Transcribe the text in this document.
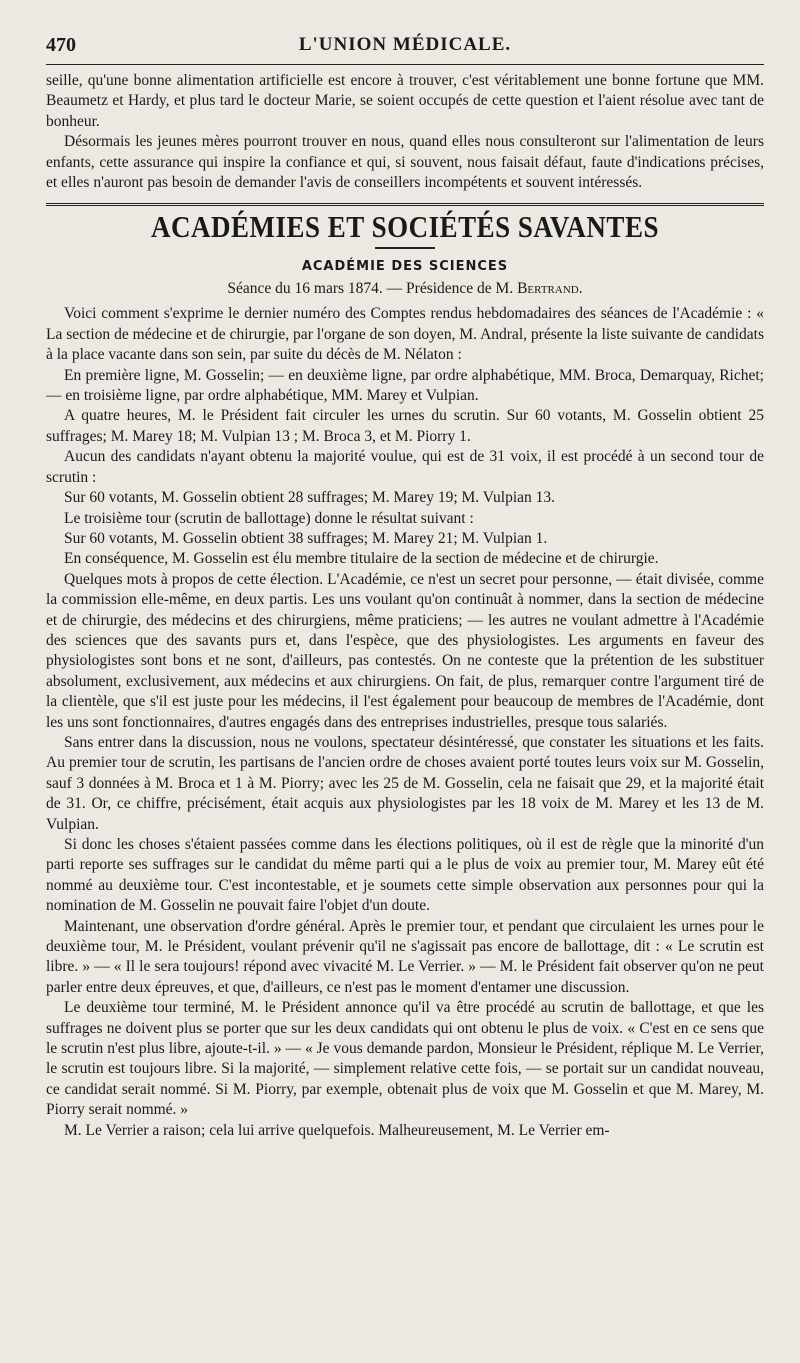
470	L'UNION MÉDICALE.

seille, qu'une bonne alimentation artificielle est encore à trouver, c'est véritablement une bonne fortune que MM. Beaumetz et Hardy, et plus tard le docteur Marie, se soient occupés de cette question et l'aient résolue avec tant de bonheur.

Désormais les jeunes mères pourront trouver en nous, quand elles nous consulteront sur l'alimentation de leurs enfants, cette assurance qui inspire la confiance et qui, si souvent, nous faisait défaut, faute d'indications précises, et elles n'auront pas besoin de demander l'avis de conseillers incompétents et souvent intéressés.

ACADÉMIES ET SOCIÉTÉS SAVANTES
ACADÉMIE DES SCIENCES
Séance du 16 mars 1874. — Présidence de M. Bertrand.

Voici comment s'exprime le dernier numéro des Comptes rendus hebdomadaires des séances de l'Académie : « La section de médecine et de chirurgie, par l'organe de son doyen, M. Andral, présente la liste suivante de candidats à la place vacante dans son sein, par suite du décès de M. Nélaton :

En première ligne, M. Gosselin; — en deuxième ligne, par ordre alphabétique, MM. Broca, Demarquay, Richet; — en troisième ligne, par ordre alphabétique, MM. Marey et Vulpian.

A quatre heures, M. le Président fait circuler les urnes du scrutin. Sur 60 votants, M. Gosselin obtient 25 suffrages; M. Marey 18; M. Vulpian 13 ; M. Broca 3, et M. Piorry 1.

Aucun des candidats n'ayant obtenu la majorité voulue, qui est de 31 voix, il est procédé à un second tour de scrutin :

Sur 60 votants, M. Gosselin obtient 28 suffrages; M. Marey 19; M. Vulpian 13.

Le troisième tour (scrutin de ballottage) donne le résultat suivant :

Sur 60 votants, M. Gosselin obtient 38 suffrages; M. Marey 21; M. Vulpian 1.

En conséquence, M. Gosselin est élu membre titulaire de la section de médecine et de chirurgie.

Quelques mots à propos de cette élection. L'Académie, ce n'est un secret pour personne, — était divisée, comme la commission elle-même, en deux partis. Les uns voulant qu'on continuât à nommer, dans la section de médecine et de chirurgie, des médecins et des chirurgiens, même praticiens; — les autres ne voulant admettre à l'Académie des sciences que des savants purs et, dans l'espèce, que des physiologistes. Les arguments en faveur des physiologistes sont bons et ne sont, d'ailleurs, pas contestés. On ne conteste que la prétention de les substituer absolument, exclusivement, aux médecins et aux chirurgiens. On fait, de plus, remarquer contre l'argument tiré de la clientèle, que s'il est juste pour les médecins, il l'est également pour beaucoup de membres de l'Académie, dont les uns sont fonctionnaires, d'autres engagés dans des entreprises industrielles, presque tous salariés.

Sans entrer dans la discussion, nous ne voulons, spectateur désintéressé, que constater les situations et les faits. Au premier tour de scrutin, les partisans de l'ancien ordre de choses avaient porté toutes leurs voix sur M. Gosselin, sauf 3 données à M. Broca et 1 à M. Piorry; avec les 25 de M. Gosselin, cela ne faisait que 29, et la majorité était de 31. Or, ce chiffre, précisément, était acquis aux physiologistes par les 18 voix de M. Marey et les 13 de M. Vulpian.

Si donc les choses s'étaient passées comme dans les élections politiques, où il est de règle que la minorité d'un parti reporte ses suffrages sur le candidat du même parti qui a le plus de voix au premier tour, M. Marey eût été nommé au deuxième tour. C'est incontestable, et je soumets cette simple observation aux personnes pour qui la nomination de M. Gosselin ne pouvait faire l'objet d'un doute.

Maintenant, une observation d'ordre général. Après le premier tour, et pendant que circulaient les urnes pour le deuxième tour, M. le Président, voulant prévenir qu'il ne s'agissait pas encore de ballottage, dit : « Le scrutin est libre. » — « Il le sera toujours! répond avec vivacité M. Le Verrier. » — M. le Président fait observer qu'on ne peut parler entre deux épreuves, et que, d'ailleurs, ce n'est pas le moment d'entamer une discussion.

Le deuxième tour terminé, M. le Président annonce qu'il va être procédé au scrutin de ballottage, et que les suffrages ne doivent plus se porter que sur les deux candidats qui ont obtenu le plus de voix. « C'est en ce sens que le scrutin n'est plus libre, ajoute-t-il. » — « Je vous demande pardon, Monsieur le Président, réplique M. Le Verrier, le scrutin est toujours libre. Si la majorité, — simplement relative cette fois, — se portait sur un candidat nouveau, ce candidat serait nommé. Si M. Piorry, par exemple, obtenait plus de voix que M. Gosselin et que M. Marey, M. Piorry serait nommé. »

M. Le Verrier a raison; cela lui arrive quelquefois. Malheureusement, M. Le Verrier em-
